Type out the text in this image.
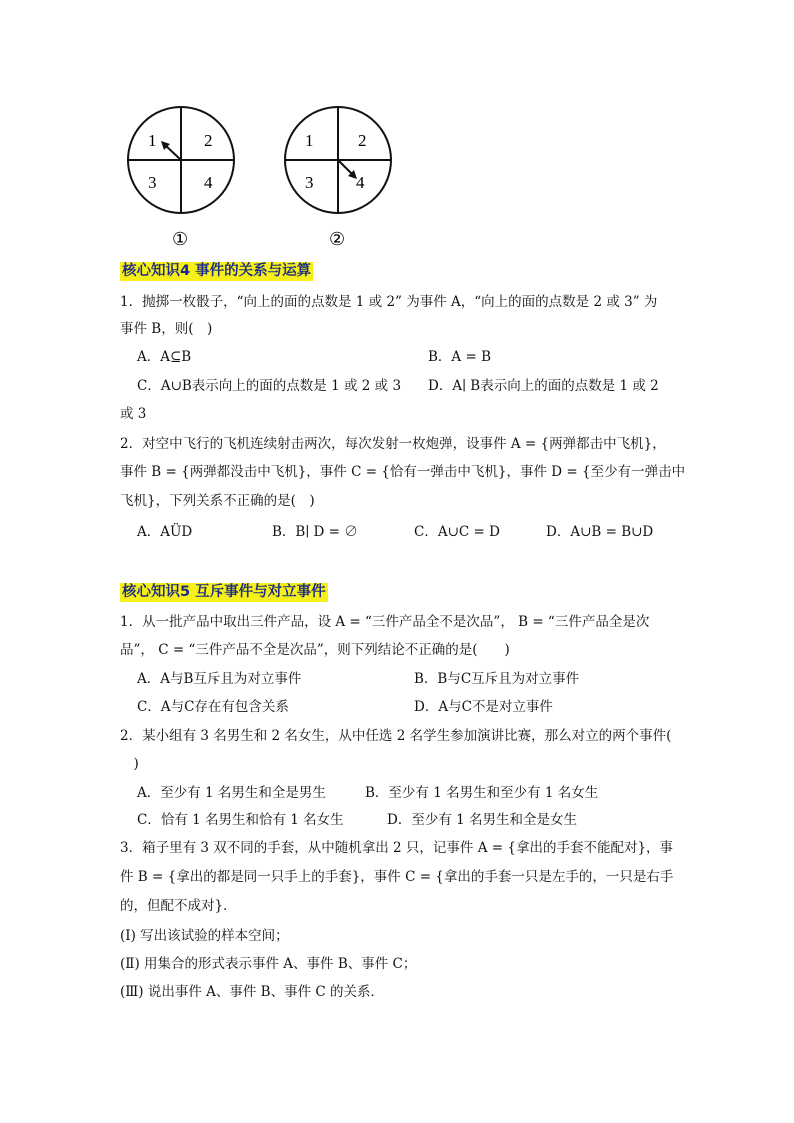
1	2
3	4
①
1	2
3	4
②
核心知识4 事件的关系与运算
1．抛掷一枚骰子，“向上的面的点数是 1 或 2” 为事件 A，“向上的面的点数是 2 或 3” 为
事件 B，则(　)
A．A⊆B	B．A = B
C．A∪B表示向上的面的点数是 1 或 2 或 3 D．A∣ B表示向上的面的点数是 1 或 2
或 3
2．对空中飞行的飞机连续射击两次，每次发射一枚炮弹，设事件 A = {两弹都击中飞机}，
事件 B = {两弹都没击中飞机}，事件 C = {恰有一弹击中飞机}，事件 D = {至少有一弹击中
飞机}，下列关系不正确的是(　)
A．AÜD	B．B∣ D = ∅	C．A∪C = D	D．A∪B = B∪D
核心知识5 互斥事件与对立事件
1．从一批产品中取出三件产品，设 A = “三件产品全不是次品”， B = “三件产品全是次
品”， C = “三件产品不全是次品”，则下列结论不正确的是(　　)
A．A与B互斥且为对立事件	B．B与C互斥且为对立事件
C．A与C存在有包含关系	D．A与C不是对立事件
2．某小组有 3 名男生和 2 名女生，从中任选 2 名学生参加演讲比赛，那么对立的两个事件(
　)
A．至少有 1 名男生和全是男生	B．至少有 1 名男生和至少有 1 名女生
C．恰有 1 名男生和恰有 1 名女生	D．至少有 1 名男生和全是女生
3．箱子里有 3 双不同的手套，从中随机拿出 2 只，记事件 A = {拿出的手套不能配对}，事
件 B = {拿出的都是同一只手上的手套}，事件 C = {拿出的手套一只是左手的，一只是右手
的，但配不成对}．
(Ⅰ) 写出该试验的样本空间；
(Ⅱ) 用集合的形式表示事件 A、事件 B、事件 C；
(Ⅲ) 说出事件 A、事件 B、事件 C 的关系．
